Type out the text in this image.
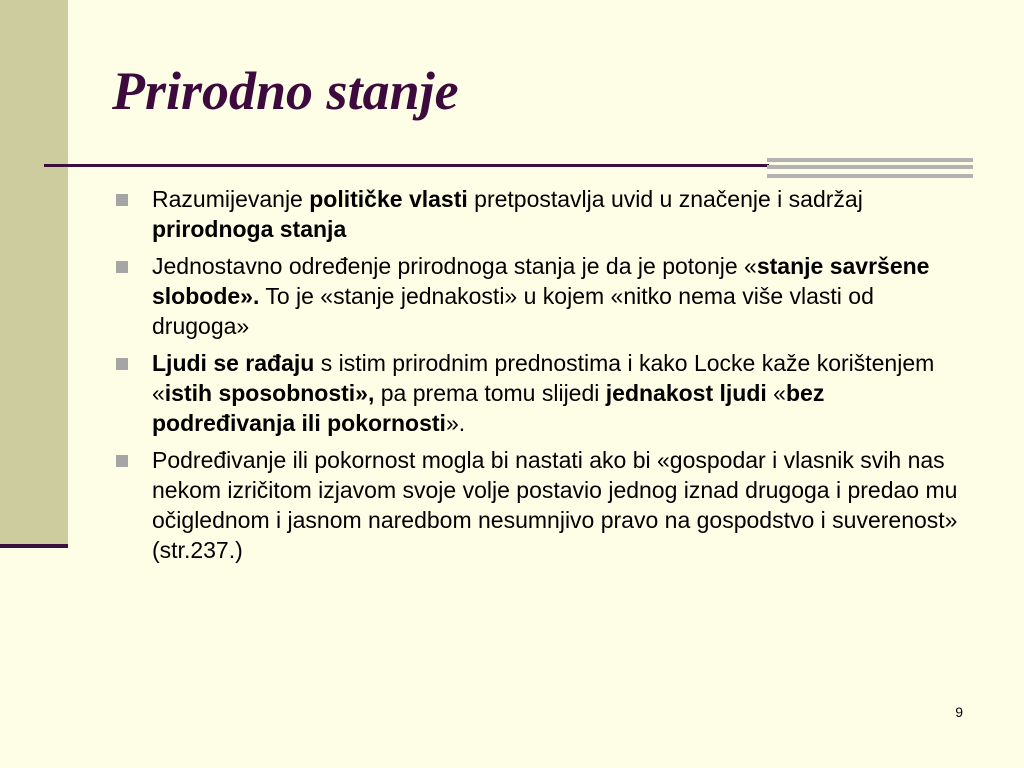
Prirodno stanje
Razumijevanje političke vlasti pretpostavlja uvid u značenje i sadržaj prirodnoga stanja
Jednostavno određenje prirodnoga stanja je da je potonje «stanje savršene slobode». To je «stanje jednakosti» u kojem «nitko nema više vlasti od drugoga»
Ljudi se rađaju s istim prirodnim prednostima i kako Locke kaže korištenjem «istih sposobnosti», pa prema tomu slijedi jednakost ljudi «bez podređivanja ili pokornosti».
Podređivanje ili pokornost mogla bi nastati ako bi «gospodar i vlasnik svih nas nekom izričitom izjavom svoje volje postavio jednog iznad drugoga i predao mu očiglednom i jasnom naredbom nesumnjivo pravo na gospodstvo i suverenost» (str.237.)
9
